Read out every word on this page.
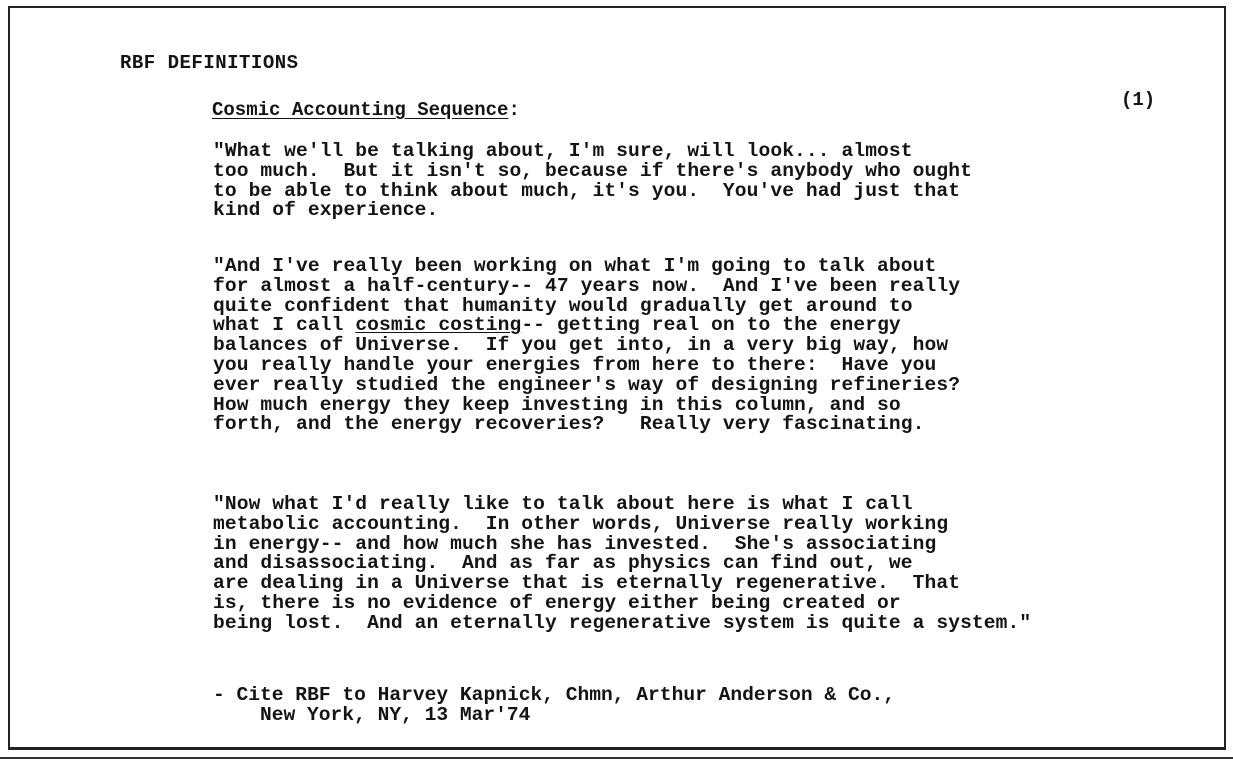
RBF DEFINITIONS
(1)
Cosmic Accounting Sequence:
"What we'll be talking about, I'm sure, will look... almost
too much.  But it isn't so, because if there's anybody who ought
to be able to think about much, it's you.  You've had just that
kind of experience.
"And I've really been working on what I'm going to talk about
for almost a half-century-- 47 years now.  And I've been really
quite confident that humanity would gradually get around to
what I call cosmic costing-- getting real on to the energy
balances of Universe.  If you get into, in a very big way, how
you really handle your energies from here to there:  Have you
ever really studied the engineer's way of designing refineries?
How much energy they keep investing in this column, and so
forth, and the energy recoveries?   Really very fascinating.
"Now what I'd really like to talk about here is what I call
metabolic accounting.  In other words, Universe really working
in energy-- and how much she has invested.  She's associating
and disassociating.  And as far as physics can find out, we
are dealing in a Universe that is eternally regenerative.  That
is, there is no evidence of energy either being created or
being lost.  And an eternally regenerative system is quite a system."
- Cite RBF to Harvey Kapnick, Chmn, Arthur Anderson & Co.,
New York, NY, 13 Mar'74
